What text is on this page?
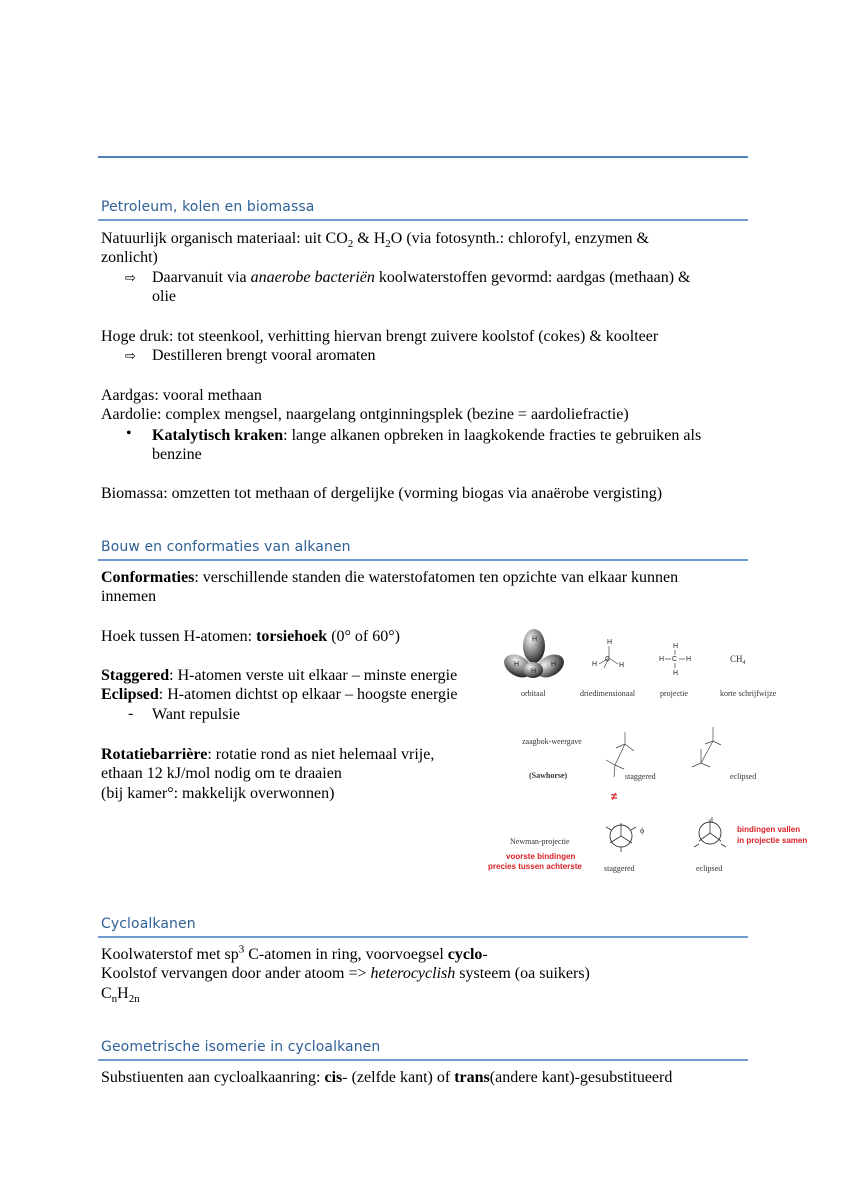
Petroleum, kolen en biomassa
Natuurlijk organisch materiaal: uit $CO_2$ & $H_2O$ (via fotosynth.: chlorofyl, enzymen &
zonlicht)
⇨ Daarvanuit via anaerobe bacteriën koolwaterstoffen gevormd: aardgas (methaan) &
olie
Hoge druk: tot steenkool, verhitting hiervan brengt zuivere koolstof (cokes) & koolteer
⇨ Destilleren brengt vooral aromaten
Aardgas: vooral methaan
Aardolie: complex mengsel, naargelang ontginningsplek (bezine = aardoliefractie)
• Katalytisch kraken: lange alkanen opbreken in laagkokende fracties te gebruiken als
benzine
Biomassa: omzetten tot methaan of dergelijke (vorming biogas via anaërobe vergisting)
Bouw en conformaties van alkanen
Conformaties: verschillende standen die waterstofatomen ten opzichte van elkaar kunnen
innemen
Hoek tussen H-atomen: torsiehoek (0° of 60°)
Staggered: H-atomen verste uit elkaar – minste energie
Eclipsed: H-atomen dichtst op elkaar – hoogste energie
- Want repulsie
Rotatiebarrière: rotatie rond as niet helemaal vrije,
ethaan 12 kJ/mol nodig om te draaien
(bij kamer°: makkelijk overwonnen)
H
H	H
H
orbitaal
H
C
H	H
driedimensionaal
H
C
H	H
H
projectie
$CH_4$
korte schrijfwijze
zaagbok-weergave
(Sawhorse)	staggered	eclipsed
≠
Newman-projectie
voorste bindingen
precies tussen achterste
ϕ
staggered	eclipsed
bindingen vallen
in projectie samen
Cycloalkanen
Koolwaterstof met $sp^3$ C-atomen in ring, voorvoegsel cyclo-
Koolstof vervangen door ander atoom => heterocyclish systeem (oa suikers)
$C_nH_{2n}$
Geometrische isomerie in cycloalkanen
Substiuenten aan cycloalkaanring: cis- (zelfde kant) of trans(andere kant)-gesubstitueerd
